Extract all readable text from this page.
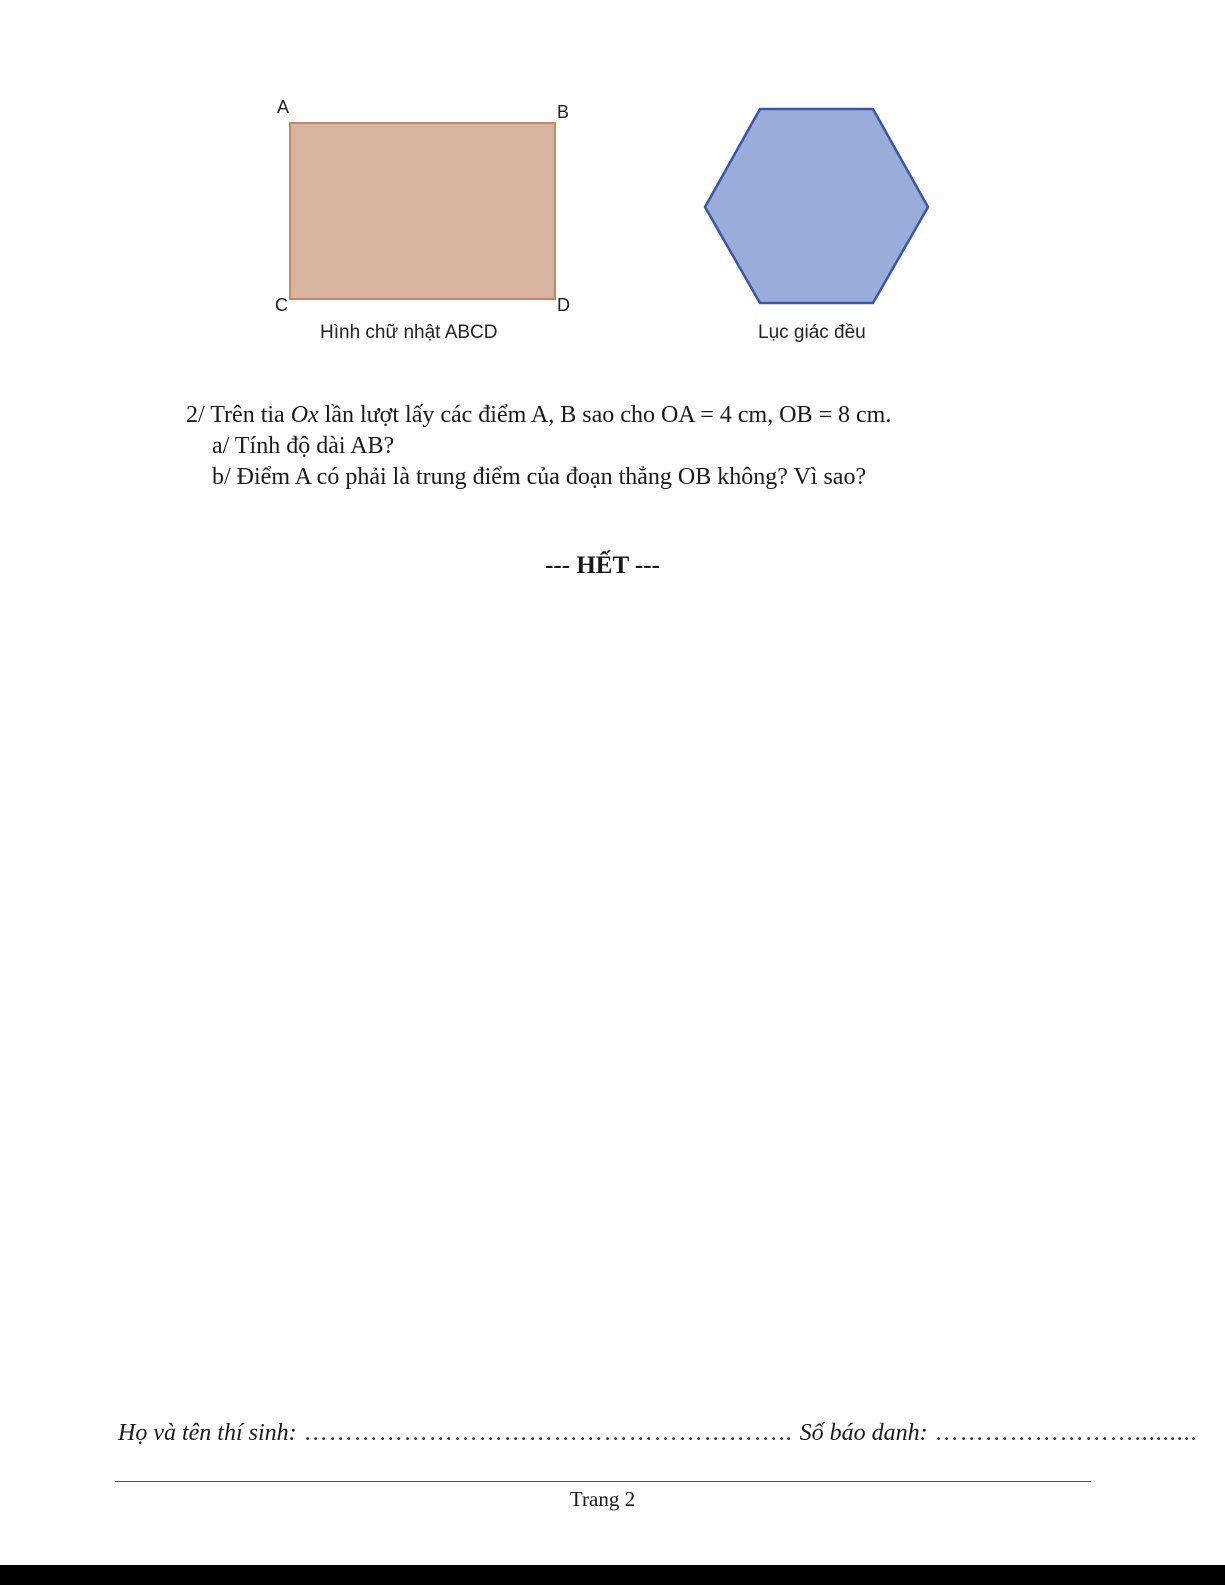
A	B
C	D
Hình chữ nhật ABCD	Lục giác đều
2/ Trên tia Ox lần lượt lấy các điểm A, B sao cho OA = 4 cm, OB = 8 cm.
a/ Tính độ dài AB?
b/ Điểm A có phải là trung điểm của đoạn thẳng OB không? Vì sao?
--- HẾT ---
Họ và tên thí sinh: ………………………………………………….. Số báo danh: …………………….........
Trang 2
